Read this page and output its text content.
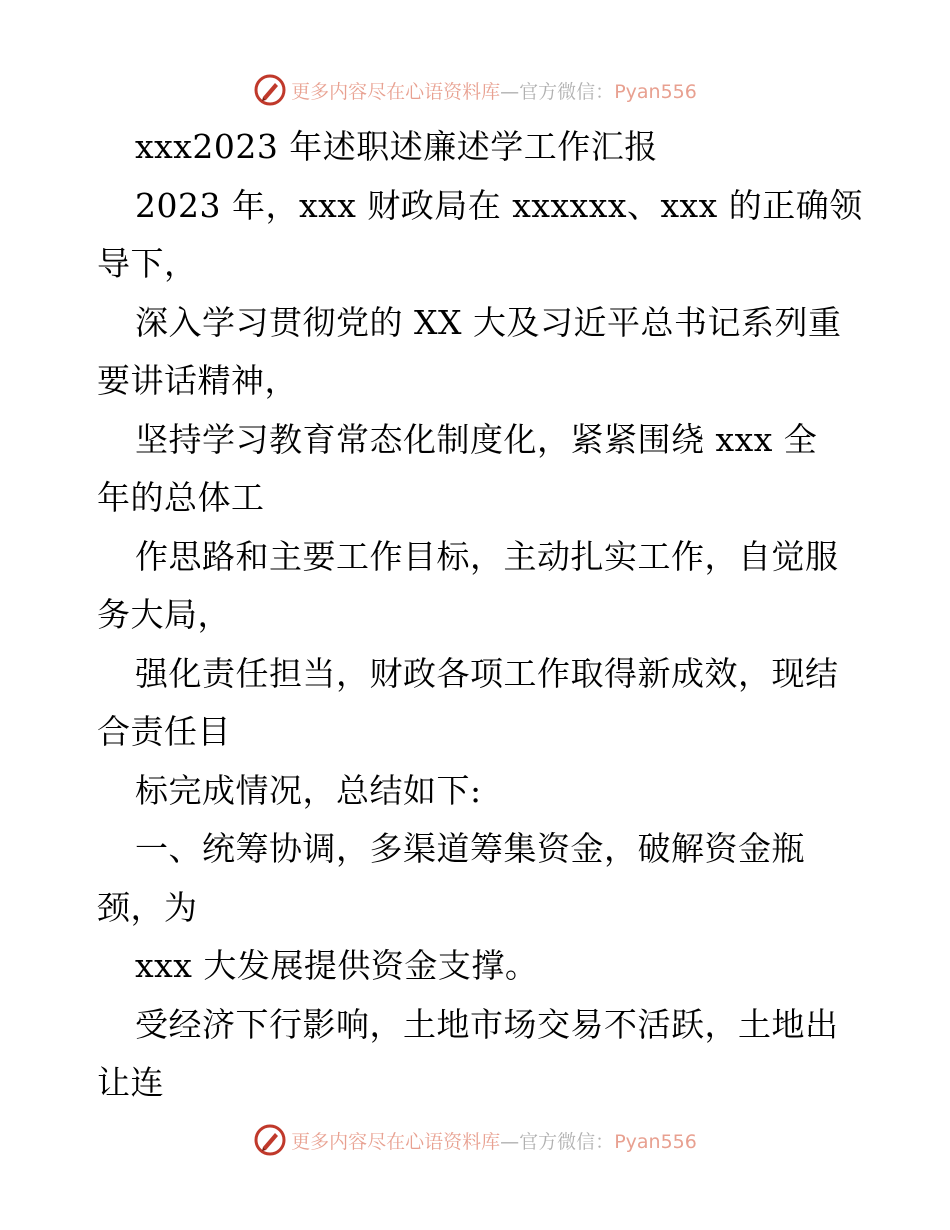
更多内容尽在心语资料库—官方微信：Pyan556
xxx2023 年述职述廉述学工作汇报
2023 年，xxx 财政局在 xxxxxx、xxx 的正确领
导下，
深入学习贯彻党的 XX 大及习近平总书记系列重
要讲话精神，
坚持学习教育常态化制度化，紧紧围绕 xxx 全
年的总体工
作思路和主要工作目标，主动扎实工作，自觉服
务大局，
强化责任担当，财政各项工作取得新成效，现结
合责任目
标完成情况，总结如下:
一、统筹协调，多渠道筹集资金，破解资金瓶
颈，为
xxx 大发展提供资金支撑。
受经济下行影响，土地市场交易不活跃，土地出
让连
更多内容尽在心语资料库—官方微信：Pyan556
